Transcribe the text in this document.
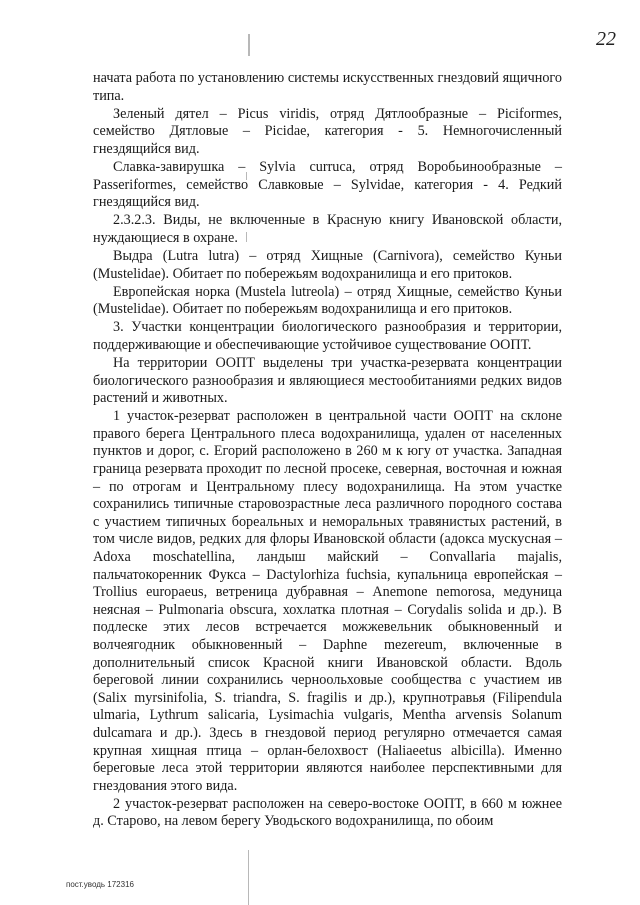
22

начата работа по установлению системы искусственных гнездовий ящичного типа.

Зеленый дятел – Picus viridis, отряд Дятлообразные – Piciformes, семейство Дятловые – Picidae, категория - 5. Немногочисленный гнездящийся вид.

Славка-завирушка – Sylvia curruca, отряд Воробьинообразные – Passeriformes, семейство Славковые – Sylvidae, категория - 4. Редкий гнездящийся вид.

2.3.2.3. Виды, не включенные в Красную книгу Ивановской области, нуждающиеся в охране.

Выдра (Lutra lutra) – отряд Хищные (Carnivora), семейство Куньи (Mustelidae). Обитает по побережьям водохранилища и его притоков.

Европейская норка (Mustela lutreola) – отряд Хищные, семейство Куньи (Mustelidae). Обитает по побережьям водохранилища и его притоков.

3. Участки концентрации биологического разнообразия и территории, поддерживающие и обеспечивающие устойчивое существование ООПТ.

На территории ООПТ выделены три участка-резервата концентрации биологического разнообразия и являющиеся местообитаниями редких видов растений и животных.

1 участок-резерват расположен в центральной части ООПТ на склоне правого берега Центрального плеса водохранилища, удален от населенных пунктов и дорог, с. Егорий расположено в 260 м к югу от участка. Западная граница резервата проходит по лесной просеке, северная, восточная и южная – по отрогам и Центральному плесу водохранилища. На этом участке сохранились типичные старовозрастные леса различного породного состава с участием типичных бореальных и неморальных травянистых растений, в том числе видов, редких для флоры Ивановской области (адокса мускусная – Adoxa moschatellina, ландыш майский – Convallaria majalis, пальчатокоренник Фукса – Dactylorhiza fuchsia, купальница европейская – Trollius europaeus, ветреница дубравная – Anemone nemorosa, медуница неясная – Pulmonaria obscura, хохлатка плотная – Corydalis solida и др.). В подлеске этих лесов встречается можжевельник обыкновенный и волчеягодник обыкновенный – Daphne mezereum, включенные в дополнительный список Красной книги Ивановской области. Вдоль береговой линии сохранились черноольховые сообщества с участием ив (Salix myrsinifolia, S. triandra, S. fragilis и др.), крупнотравья (Filipendula ulmaria, Lythrum salicaria, Lysimachia vulgaris, Mentha arvensis Solanum dulcamara и др.). Здесь в гнездовой период регулярно отмечается самая крупная хищная птица – орлан-белохвост (Haliaeetus albicilla). Именно береговые леса этой территории являются наиболее перспективными для гнездования этого вида.

2 участок-резерват расположен на северо-востоке ООПТ, в 660 м южнее д. Старово, на левом берегу Уводьского водохранилища, по обоим

пост.уводь 172316
